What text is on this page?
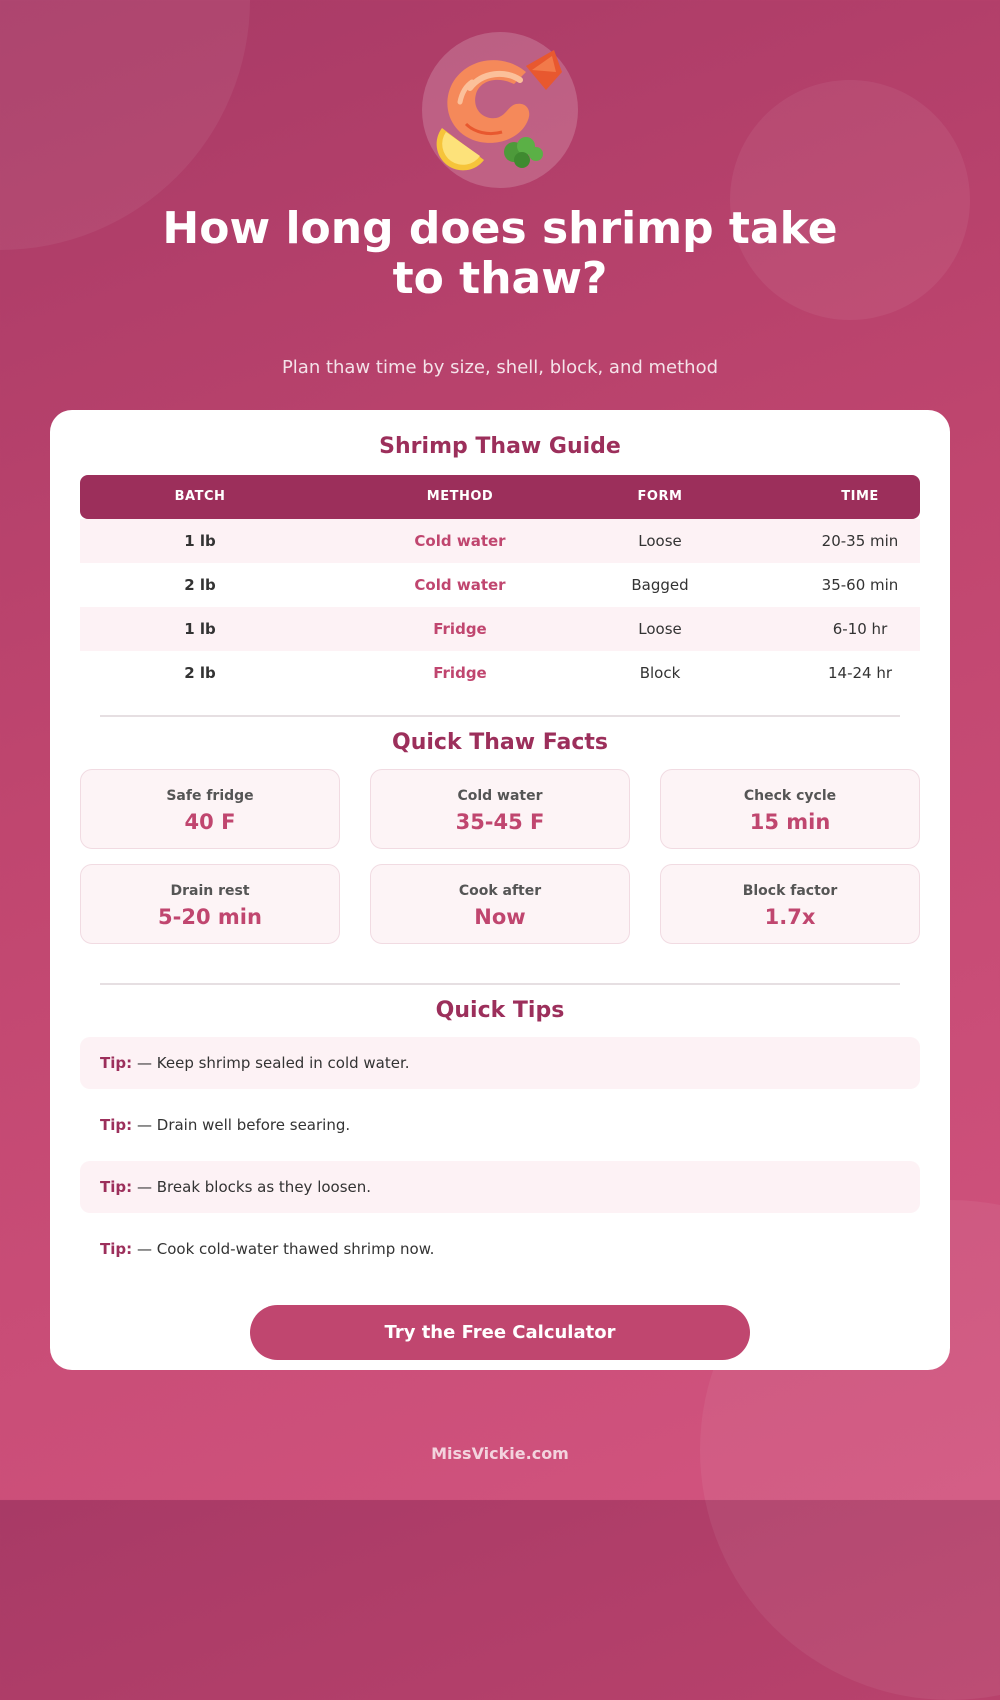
How long does shrimp take to thaw?
Plan thaw time by size, shell, block, and method
Shrimp Thaw Guide
BATCH	METHOD	FORM	TIME
1 lb	Cold water	Loose	20-35 min
2 lb	Cold water	Bagged	35-60 min
1 lb	Fridge	Loose	6-10 hr
2 lb	Fridge	Block	14-24 hr
Quick Thaw Facts
Safe fridge
40 F
Cold water
35-45 F
Check cycle
15 min
Drain rest
5-20 min
Cook after
Now
Block factor
1.7x
Quick Tips
Tip: — Keep shrimp sealed in cold water.
Tip: — Drain well before searing.
Tip: — Break blocks as they loosen.
Tip: — Cook cold-water thawed shrimp now.
Try the Free Calculator
MissVickie.com
